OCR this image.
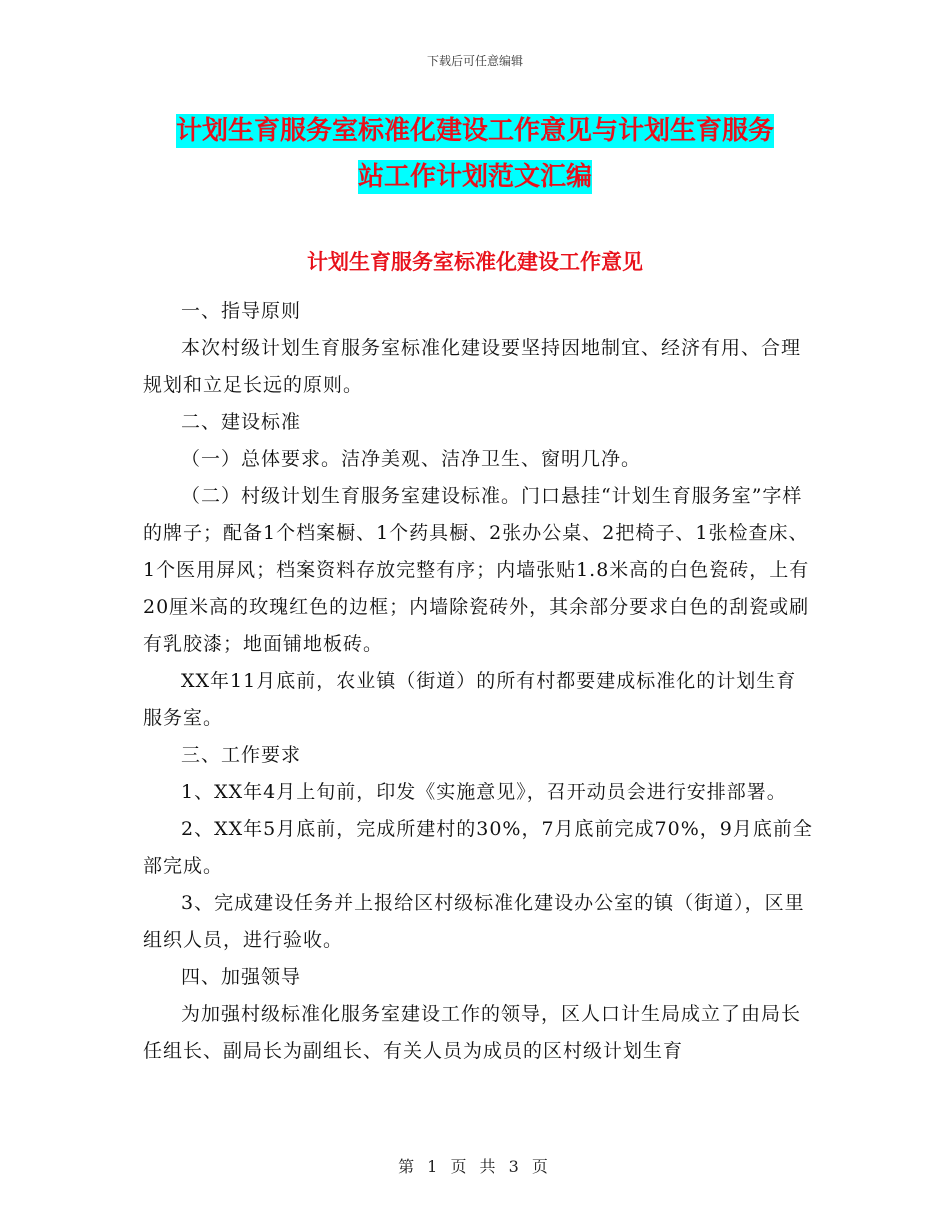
下载后可任意编辑
计划生育服务室标准化建设工作意见与计划生育服务
站工作计划范文汇编
计划生育服务室标准化建设工作意见

一、指导原则

本次村级计划生育服务室标准化建设要坚持因地制宜、经济有用、合理规划和立足长远的原则。

二、建设标准

（一）总体要求。洁净美观、洁净卫生、窗明几净。

（二）村级计划生育服务室建设标准。门口悬挂“计划生育服务室”字样的牌子；配备1个档案橱、1个药具橱、2张办公桌、2把椅子、1张检查床、1个医用屏风；档案资料存放完整有序；内墙张贴1.8米高的白色瓷砖，上有20厘米高的玫瑰红色的边框；内墙除瓷砖外，其余部分要求白色的刮瓷或刷有乳胶漆；地面铺地板砖。

XX年11月底前，农业镇（街道）的所有村都要建成标准化的计划生育服务室。

三、工作要求

1、XX年4月上旬前，印发《实施意见》，召开动员会进行安排部署。

2、XX年5月底前，完成所建村的30%，7月底前完成70%，9月底前全部完成。

3、完成建设任务并上报给区村级标准化建设办公室的镇（街道），区里组织人员，进行验收。

四、加强领导

为加强村级标准化服务室建设工作的领导，区人口计生局成立了由局长任组长、副局长为副组长、有关人员为成员的区村级计划生育

第 1 页 共 3 页
